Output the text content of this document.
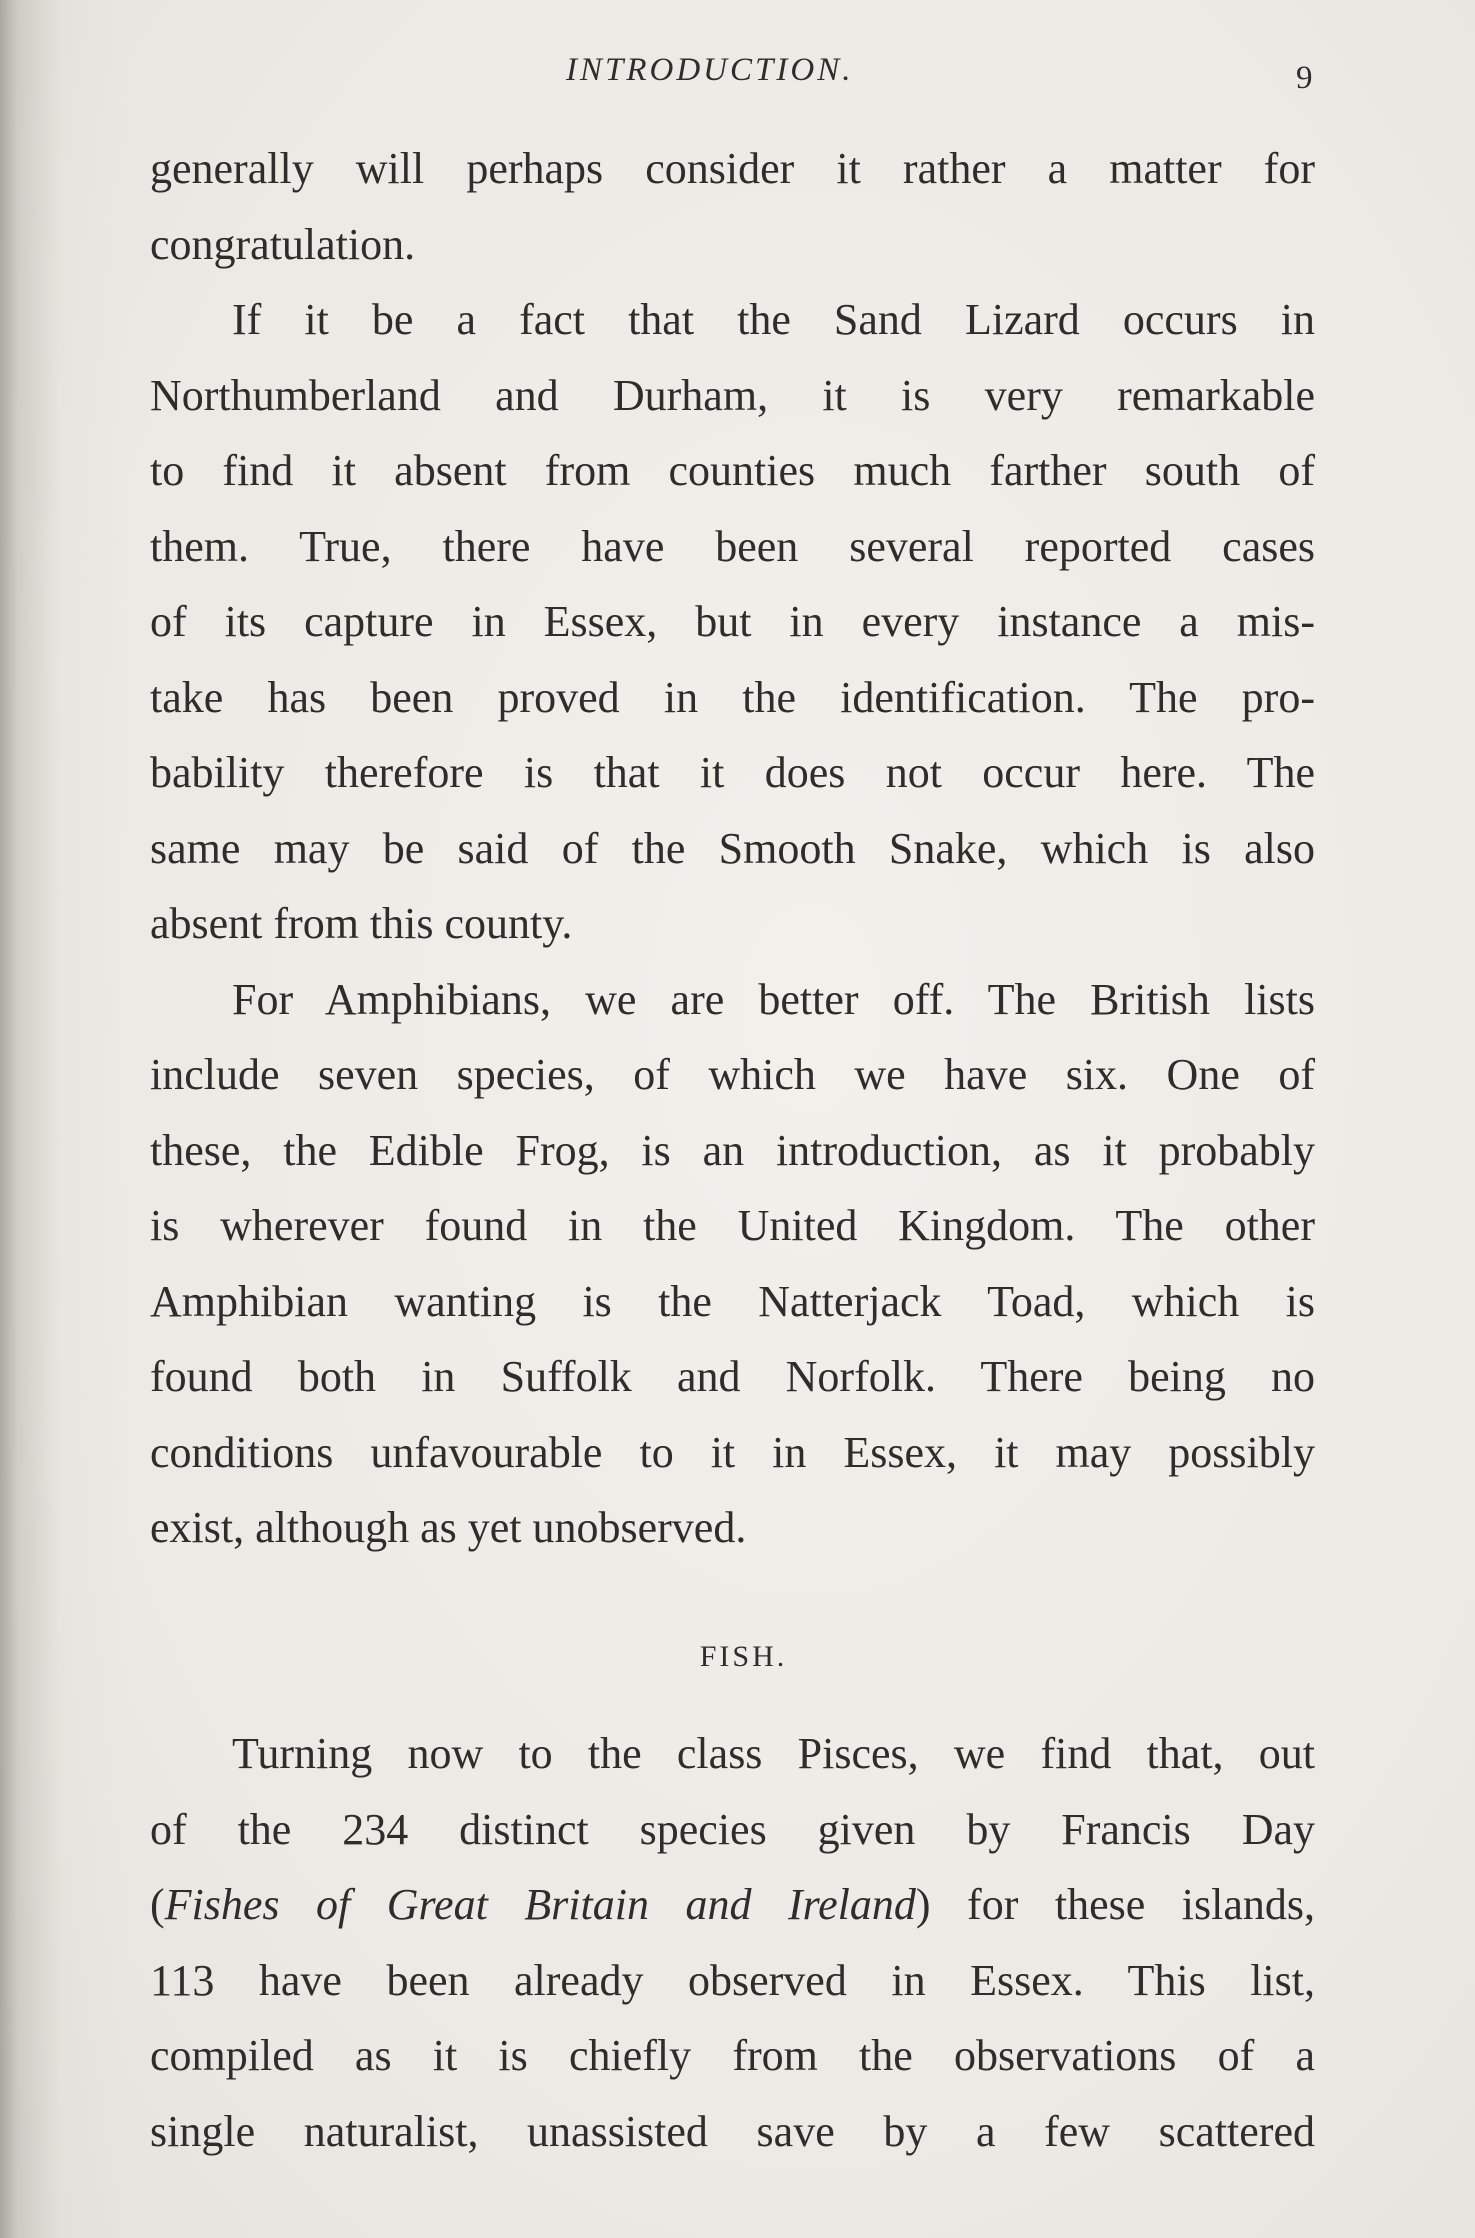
INTRODUCTION.	9

generally will perhaps consider it rather a matter for

congratulation.

If it be a fact that the Sand Lizard occurs in

Northumberland and Durham, it is very remarkable

to find it absent from counties much farther south of

them. True, there have been several reported cases

of its capture in Essex, but in every instance a mis-

take has been proved in the identification. The pro-

bability therefore is that it does not occur here. The

same may be said of the Smooth Snake, which is also

absent from this county.

For Amphibians, we are better off. The British lists

include seven species, of which we have six. One of

these, the Edible Frog, is an introduction, as it probably

is wherever found in the United Kingdom. The other

Amphibian wanting is the Natterjack Toad, which is

found both in Suffolk and Norfolk. There being no

conditions unfavourable to it in Essex, it may possibly

exist, although as yet unobserved.

FISH.

Turning now to the class Pisces, we find that, out

of the 234 distinct species given by Francis Day

(Fishes of Great Britain and Ireland) for these islands,

113 have been already observed in Essex. This list,

compiled as it is chiefly from the observations of a

single naturalist, unassisted save by a few scattered
